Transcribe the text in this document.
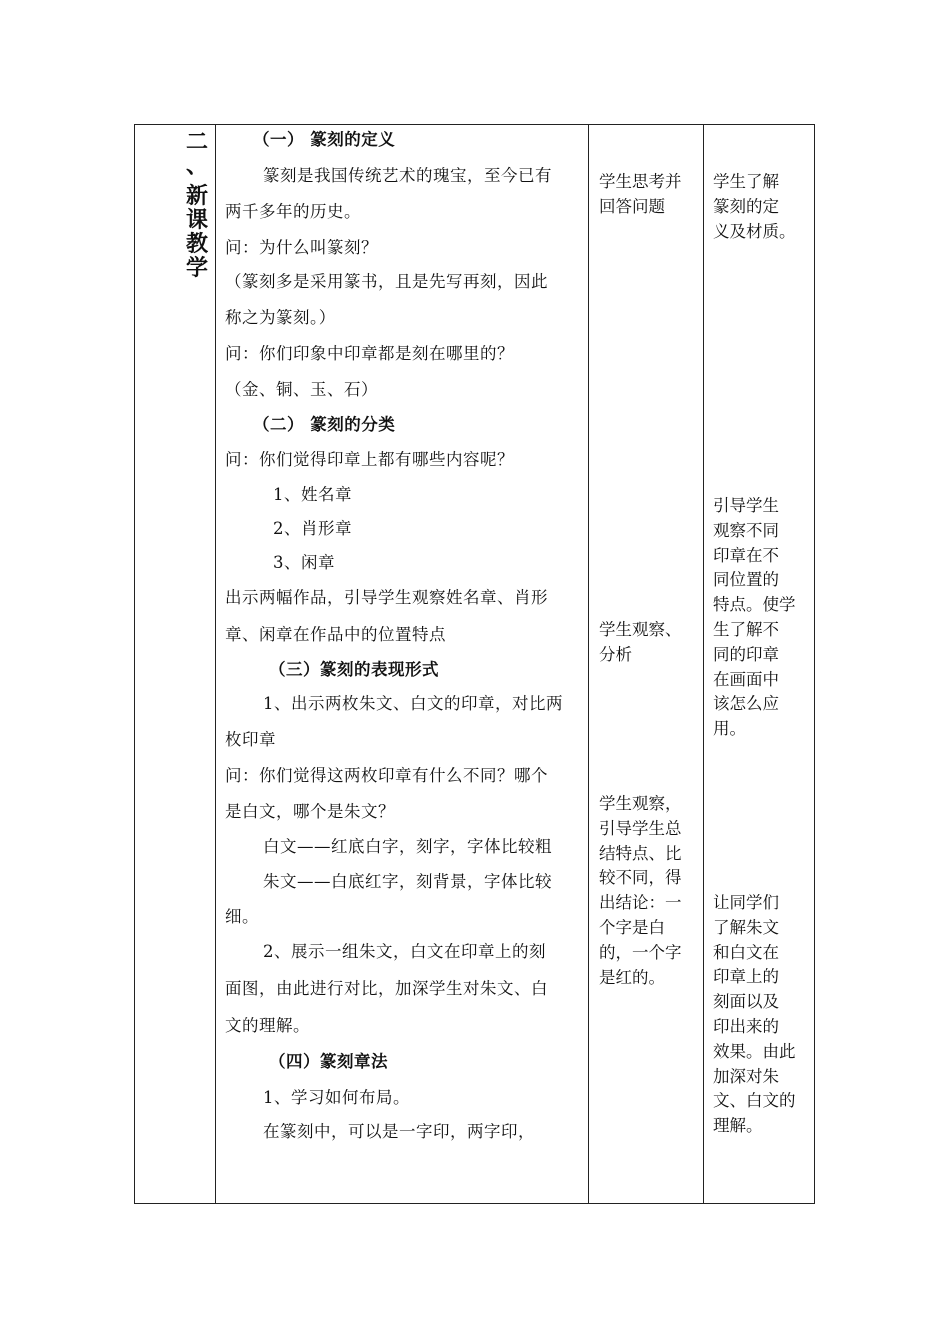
二
、
新
课
教
学
（一） 篆刻的定义
篆刻是我国传统艺术的瑰宝，至今已有
两千多年的历史。
问：为什么叫篆刻？
（篆刻多是采用篆书，且是先写再刻，因此
称之为篆刻。）
问：你们印象中印章都是刻在哪里的？
（金、铜、玉、石）
（二） 篆刻的分类
问：你们觉得印章上都有哪些内容呢？
1、姓名章
2、肖形章
3、闲章
出示两幅作品，引导学生观察姓名章、肖形
章、闲章在作品中的位置特点
（三）篆刻的表现形式
1、出示两枚朱文、白文的印章，对比两
枚印章
问：你们觉得这两枚印章有什么不同？哪个
是白文，哪个是朱文？
白文——红底白字，刻字，字体比较粗
朱文——白底红字，刻背景，字体比较
细。
2、展示一组朱文，白文在印章上的刻
面图，由此进行对比，加深学生对朱文、白
文的理解。
（四）篆刻章法
1、学习如何布局。
在篆刻中，可以是一字印，两字印，
学生思考并
回答问题
学生观察、
分析
学生观察，
引导学生总
结特点、比
较不同，得
出结论：一
个字是白
的，一个字
是红的。
学生了解
篆刻的定
义及材质。
引导学生
观察不同
印章在不
同位置的
特点。使学
生了解不
同的印章
在画面中
该怎么应
用。
让同学们
了解朱文
和白文在
印章上的
刻面以及
印出来的
效果。由此
加深对朱
文、白文的
理解。
